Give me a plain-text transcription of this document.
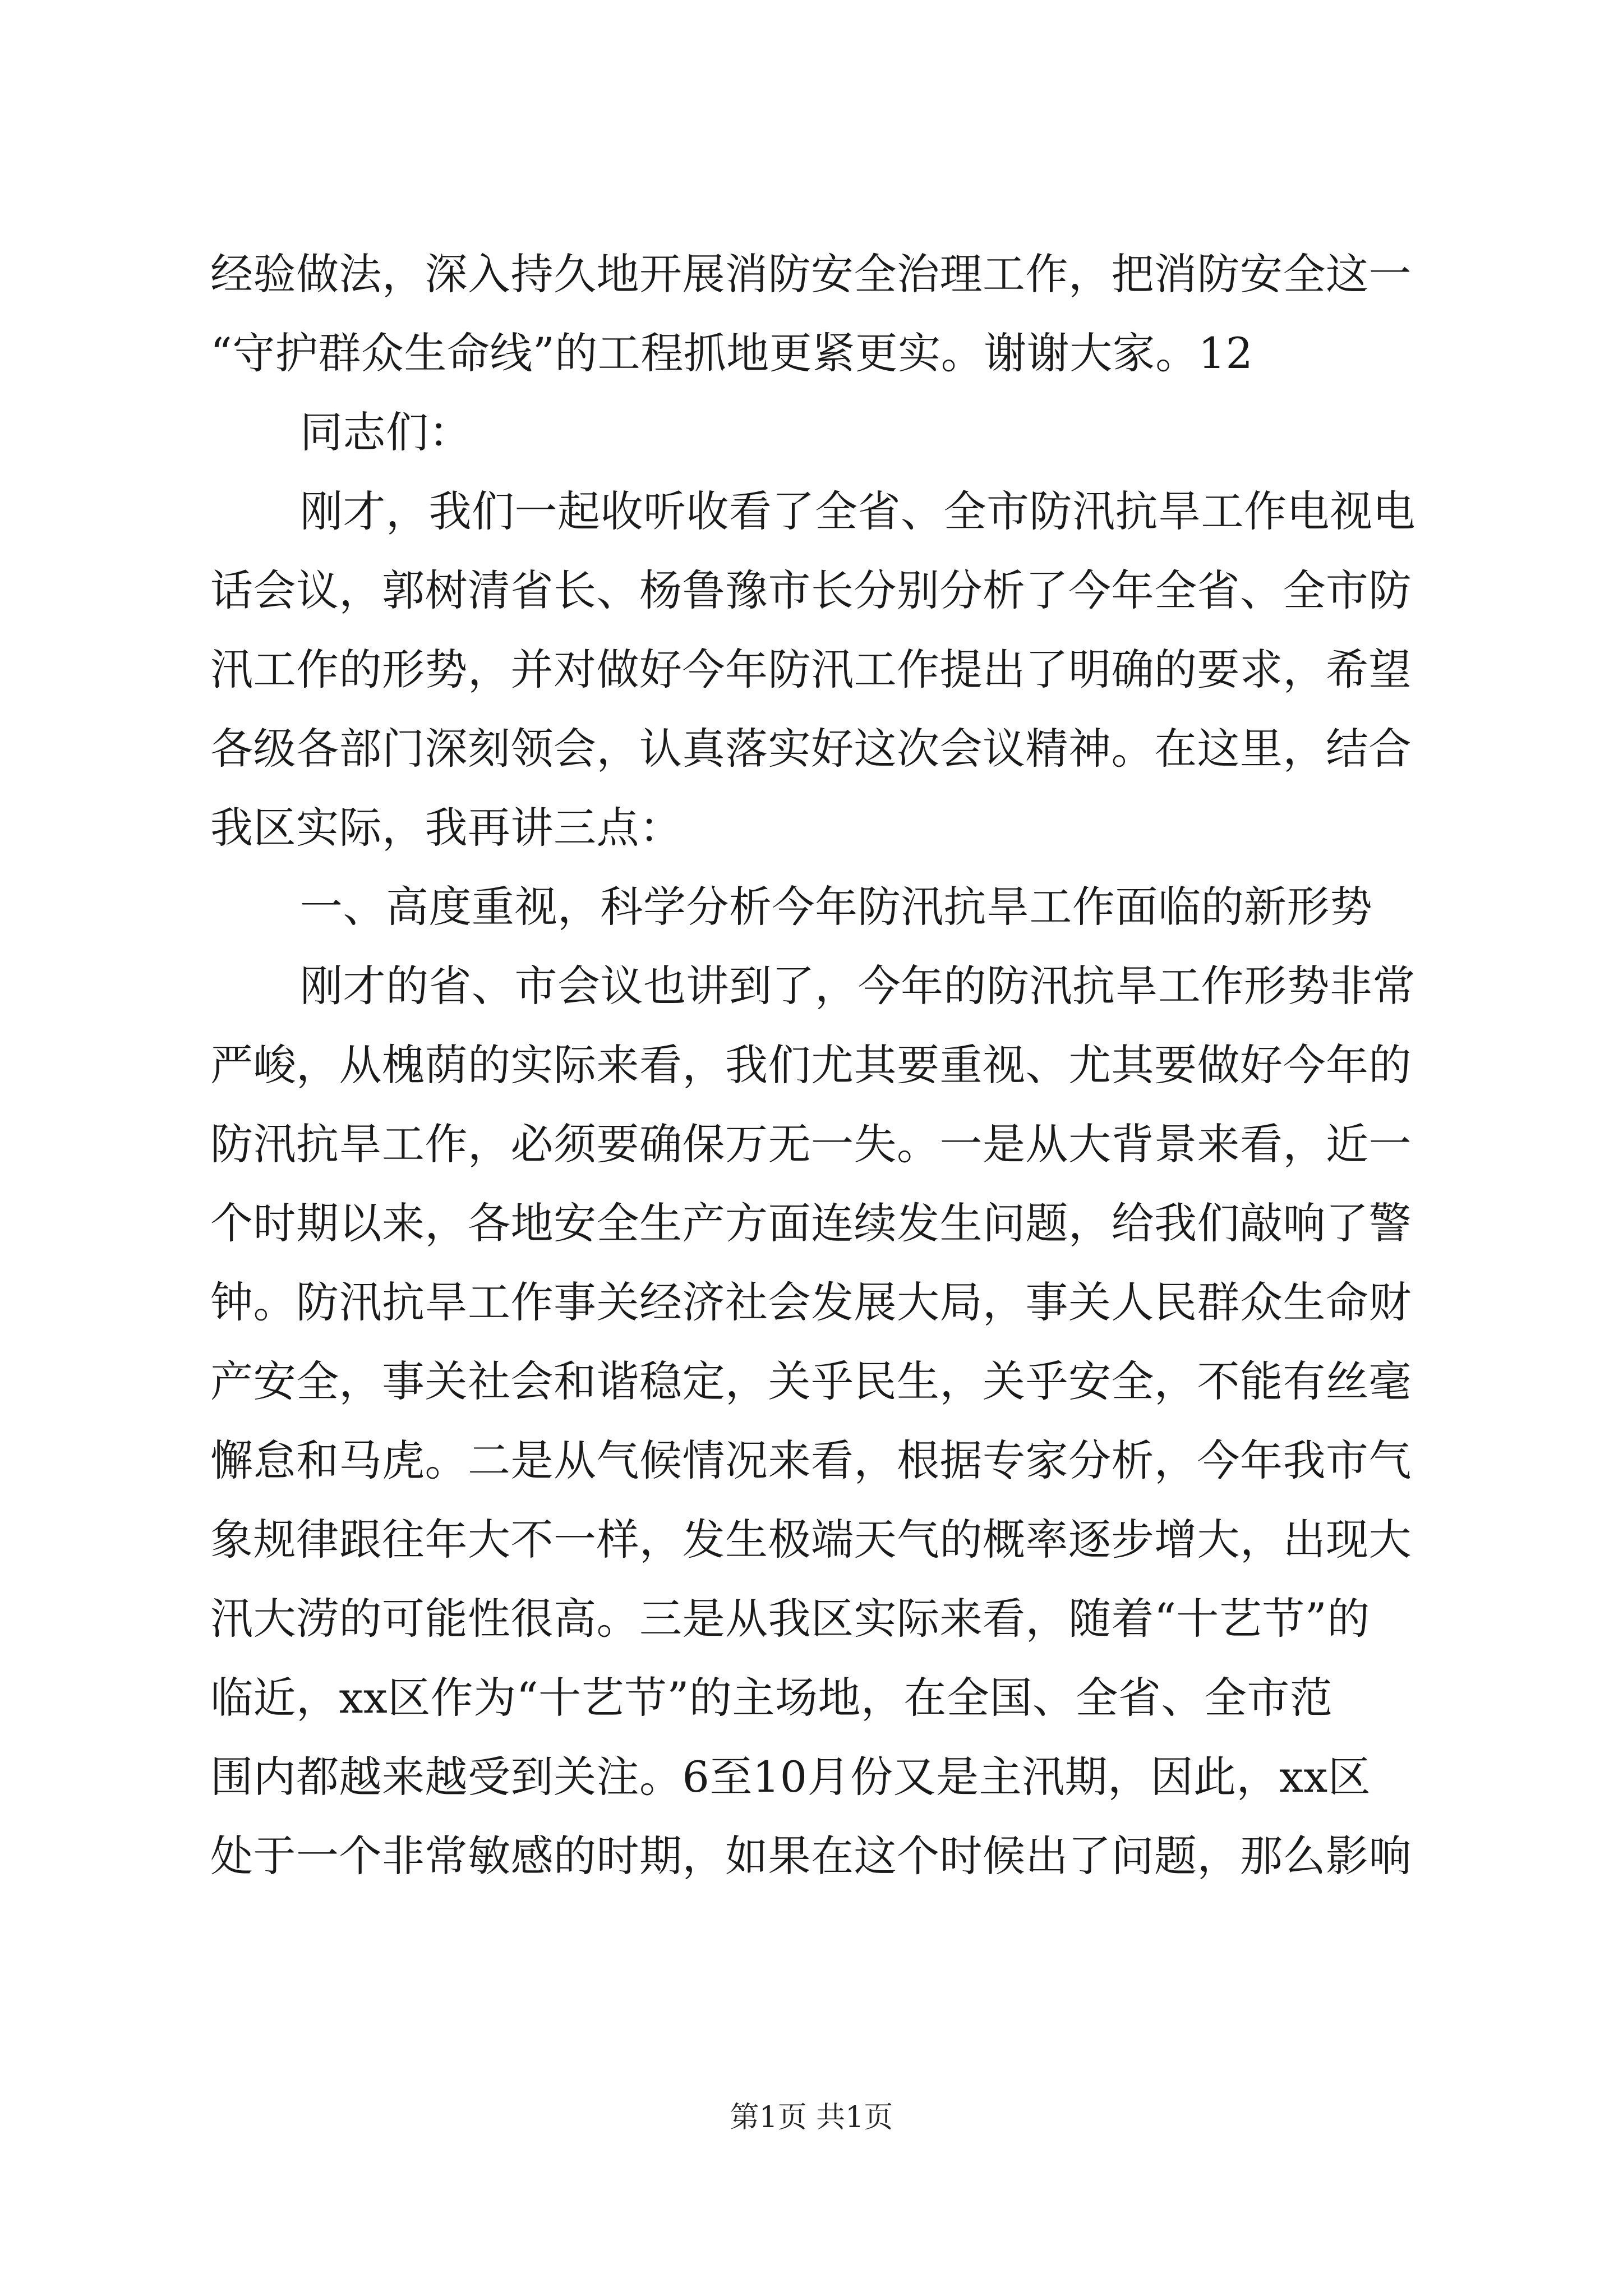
经验做法，深入持久地开展消防安全治理工作，把消防安全这一
“守护群众生命线”的工程抓地更紧更实。谢谢大家。12
同志们：
刚才，我们一起收听收看了全省、全市防汛抗旱工作电视电
话会议，郭树清省长、杨鲁豫市长分别分析了今年全省、全市防
汛工作的形势，并对做好今年防汛工作提出了明确的要求，希望
各级各部门深刻领会，认真落实好这次会议精神。在这里，结合
我区实际，我再讲三点：
一、高度重视，科学分析今年防汛抗旱工作面临的新形势
刚才的省、市会议也讲到了，今年的防汛抗旱工作形势非常
严峻，从槐荫的实际来看，我们尤其要重视、尤其要做好今年的
防汛抗旱工作，必须要确保万无一失。一是从大背景来看，近一
个时期以来，各地安全生产方面连续发生问题，给我们敲响了警
钟。防汛抗旱工作事关经济社会发展大局，事关人民群众生命财
产安全，事关社会和谐稳定，关乎民生，关乎安全，不能有丝毫
懈怠和马虎。二是从气候情况来看，根据专家分析，今年我市气
象规律跟往年大不一样，发生极端天气的概率逐步增大，出现大
汛大涝的可能性很高。三是从我区实际来看，随着“十艺节”的
临近，xx区作为“十艺节”的主场地，在全国、全省、全市范
围内都越来越受到关注。6至10月份又是主汛期，因此，xx区
处于一个非常敏感的时期，如果在这个时候出了问题，那么影响
第1页 共1页
